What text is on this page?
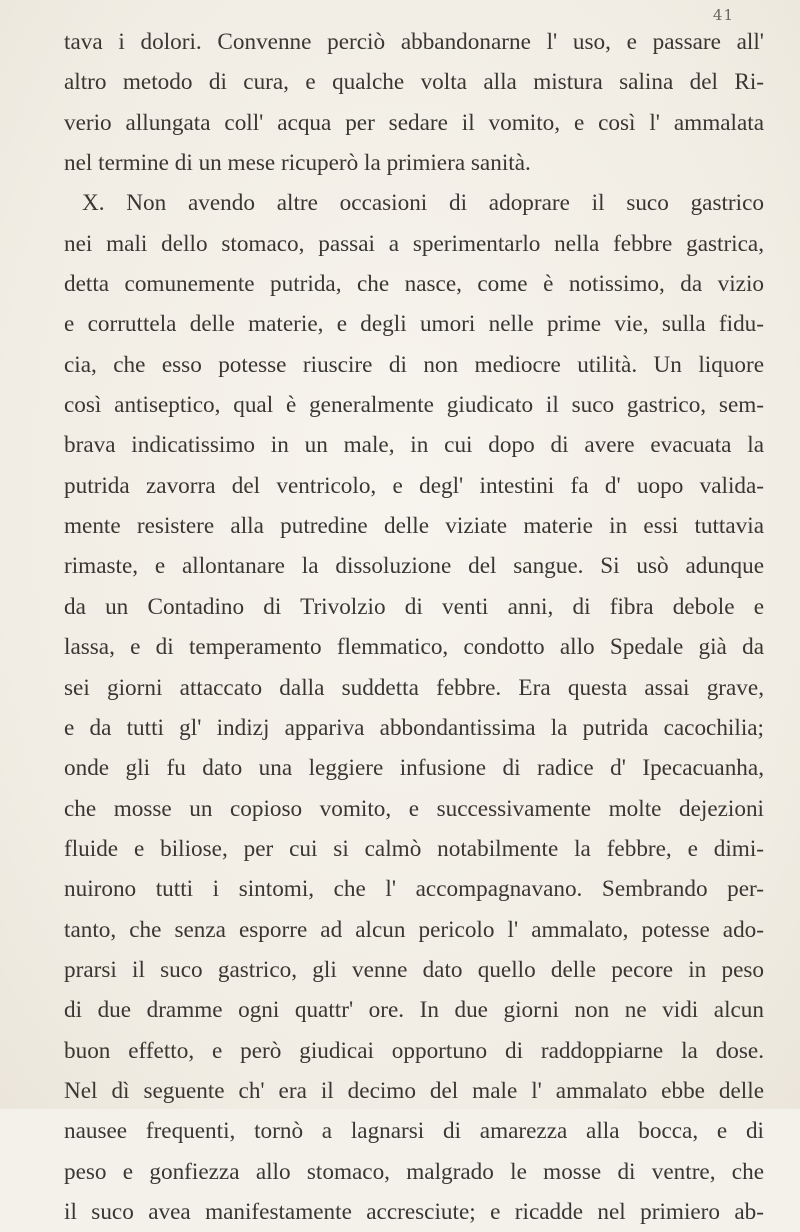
41
tava i dolori. Convenne perciò abbandonarne l' uso, e passare all'
altro metodo di cura, e qualche volta alla mistura salina del Ri-
verio allungata coll' acqua per sedare il vomito, e così l' ammalata
nel termine di un mese ricuperò la primiera sanità.
X. Non avendo altre occasioni di adoprare il suco gastrico
nei mali dello stomaco, passai a sperimentarlo nella febbre gastrica,
detta comunemente putrida, che nasce, come è notissimo, da vizio
e corruttela delle materie, e degli umori nelle prime vie, sulla fidu-
cia, che esso potesse riuscire di non mediocre utilità. Un liquore
così antiseptico, qual è generalmente giudicato il suco gastrico, sem-
brava indicatissimo in un male, in cui dopo di avere evacuata la
putrida zavorra del ventricolo, e degl' intestini fa d' uopo valida-
mente resistere alla putredine delle viziate materie in essi tuttavia
rimaste, e allontanare la dissoluzione del sangue. Si usò adunque
da un Contadino di Trivolzio di venti anni, di fibra debole e
lassa, e di temperamento flemmatico, condotto allo Spedale già da
sei giorni attaccato dalla suddetta febbre. Era questa assai grave,
e da tutti gl' indizj appariva abbondantissima la putrida cacochilia;
onde gli fu dato una leggiere infusione di radice d' Ipecacuanha,
che mosse un copioso vomito, e successivamente molte dejezioni
fluide e biliose, per cui si calmò notabilmente la febbre, e dimi-
nuirono tutti i sintomi, che l' accompagnavano. Sembrando per-
tanto, che senza esporre ad alcun pericolo l' ammalato, potesse ado-
prarsi il suco gastrico, gli venne dato quello delle pecore in peso
di due dramme ogni quattr' ore. In due giorni non ne vidi alcun
buon effetto, e però giudicai opportuno di raddoppiarne la dose.
Nel dì seguente ch' era il decimo del male l' ammalato ebbe delle
nausee frequenti, tornò a lagnarsi di amarezza alla bocca, e di
peso e gonfiezza allo stomaco, malgrado le mosse di ventre, che
il suco avea manifestamente accresciute; e ricadde nel primiero ab-
